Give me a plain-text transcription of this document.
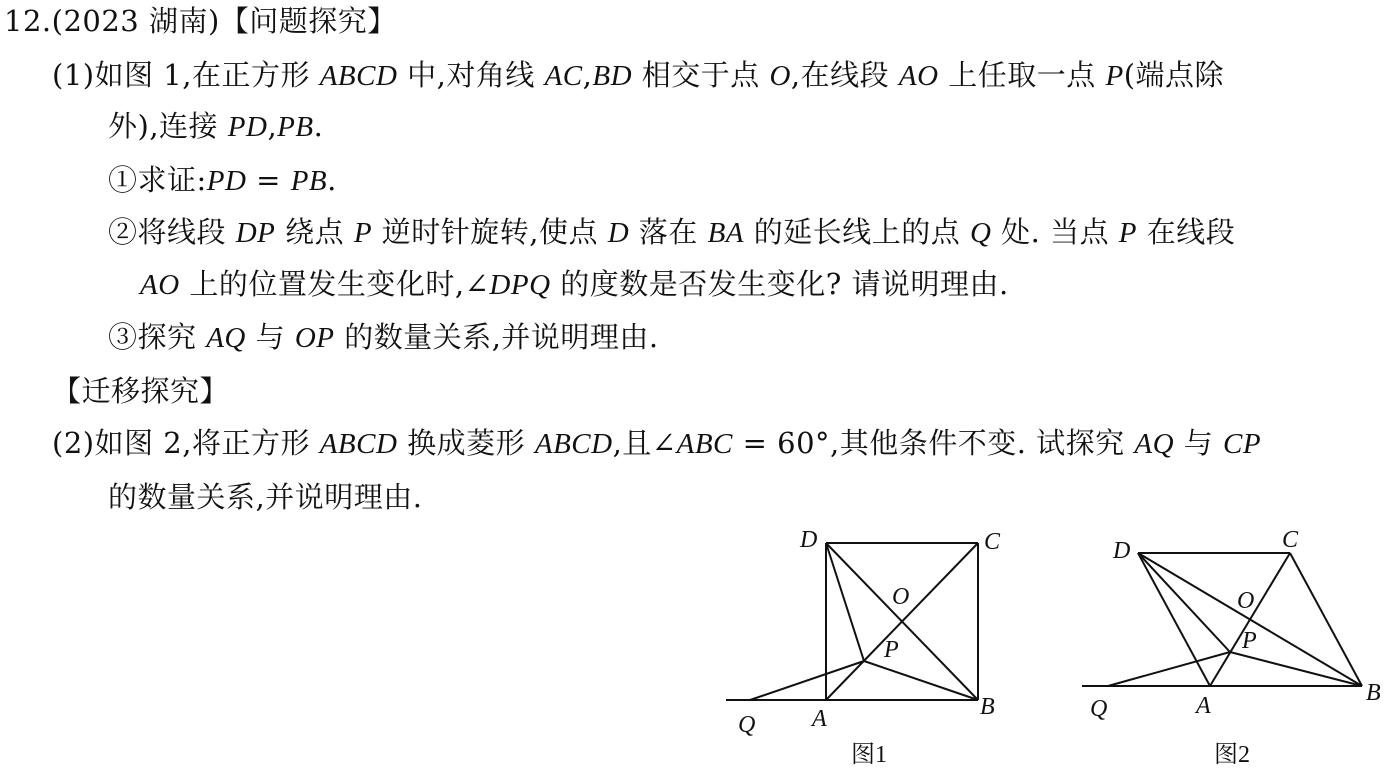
12.(2023 湖南)【问题探究】
(1)如图 1,在正方形 ABCD 中,对角线 AC,BD 相交于点 O,在线段 AO 上任取一点 P(端点除
外),连接 PD,PB.
①求证:PD = PB.
②将线段 DP 绕点 P 逆时针旋转,使点 D 落在 BA 的延长线上的点 Q 处. 当点 P 在线段
AO 上的位置发生变化时,∠DPQ 的度数是否发生变化? 请说明理由.
③探究 AQ 与 OP 的数量关系,并说明理由.
【迁移探究】
(2)如图 2,将正方形 ABCD 换成菱形 ABCD,且∠ABC = 60°,其他条件不变. 试探究 AQ 与 CP
的数量关系,并说明理由.
D	C
O
P
B
A
Q
图1
D	C
O
P
B
A
Q
图2
